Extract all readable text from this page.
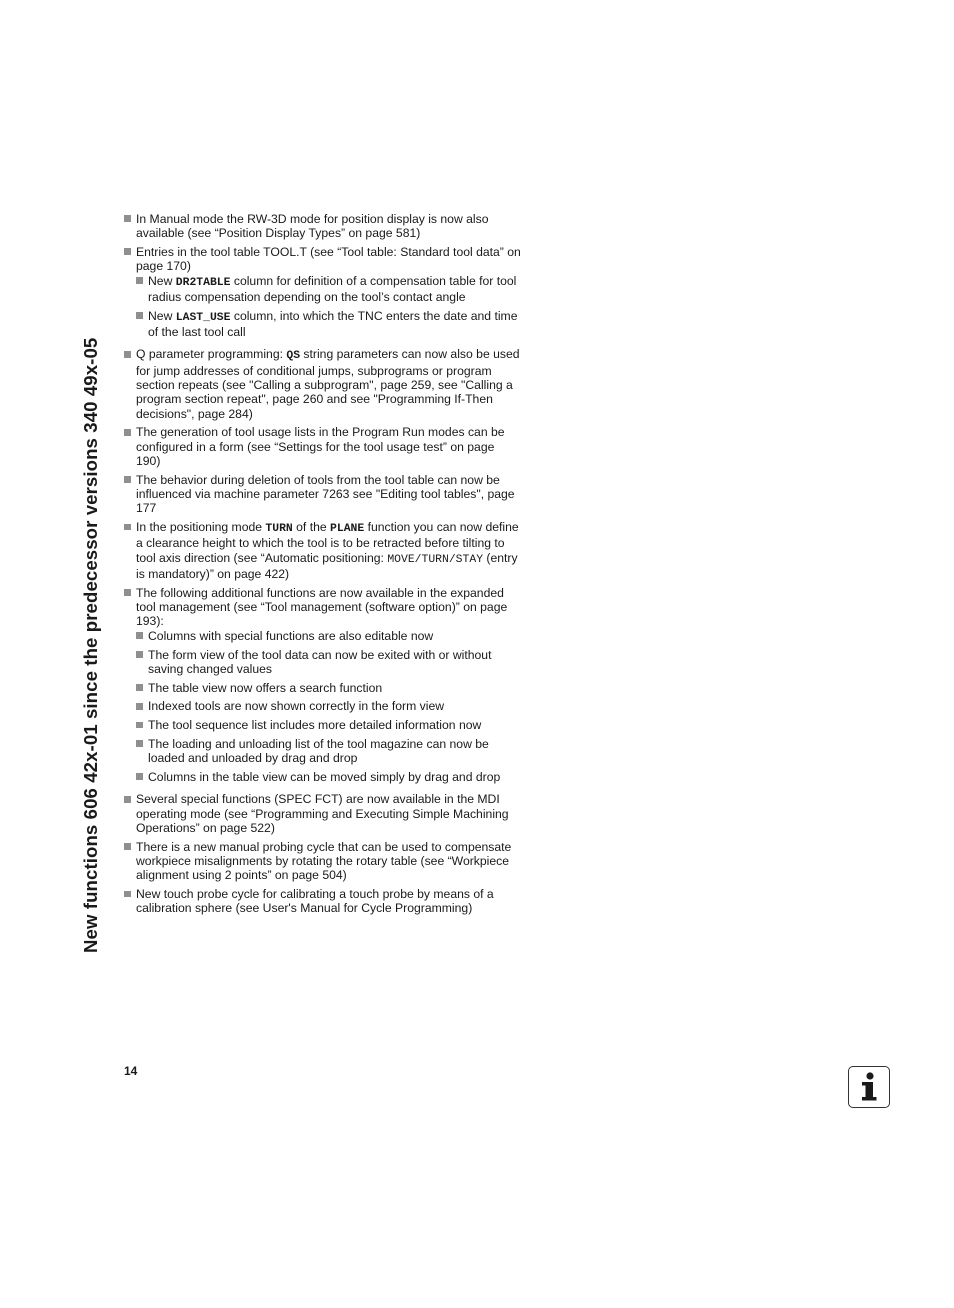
New functions 606 42x-01 since the predecessor versions 340 49x-05
In Manual mode the RW-3D mode for position display is now also available (see “Position Display Types” on page 581)
Entries in the tool table TOOL.T (see “Tool table: Standard tool data” on page 170)
New DR2TABLE column for definition of a compensation table for tool radius compensation depending on the tool’s contact angle
New LAST_USE column, into which the TNC enters the date and time of the last tool call
Q parameter programming: QS string parameters can now also be used for jump addresses of conditional jumps, subprograms or program section repeats (see "Calling a subprogram", page 259, see "Calling a program section repeat", page 260 and see "Programming If-Then decisions", page 284)
The generation of tool usage lists in the Program Run modes can be configured in a form (see “Settings for the tool usage test” on page 190)
The behavior during deletion of tools from the tool table can now be influenced via machine parameter 7263 see "Editing tool tables", page 177
In the positioning mode TURN of the PLANE function you can now define a clearance height to which the tool is to be retracted before tilting to tool axis direction (see “Automatic positioning: MOVE/TURN/STAY (entry is mandatory)” on page 422)
The following additional functions are now available in the expanded tool management (see “Tool management (software option)” on page 193):
Columns with special functions are also editable now
The form view of the tool data can now be exited with or without saving changed values
The table view now offers a search function
Indexed tools are now shown correctly in the form view
The tool sequence list includes more detailed information now
The loading and unloading list of the tool magazine can now be loaded and unloaded by drag and drop
Columns in the table view can be moved simply by drag and drop
Several special functions (SPEC FCT) are now available in the MDI operating mode (see “Programming and Executing Simple Machining Operations” on page 522)
There is a new manual probing cycle that can be used to compensate workpiece misalignments by rotating the rotary table (see “Workpiece alignment using 2 points” on page 504)
New touch probe cycle for calibrating a touch probe by means of a calibration sphere (see User's Manual for Cycle Programming)
14
